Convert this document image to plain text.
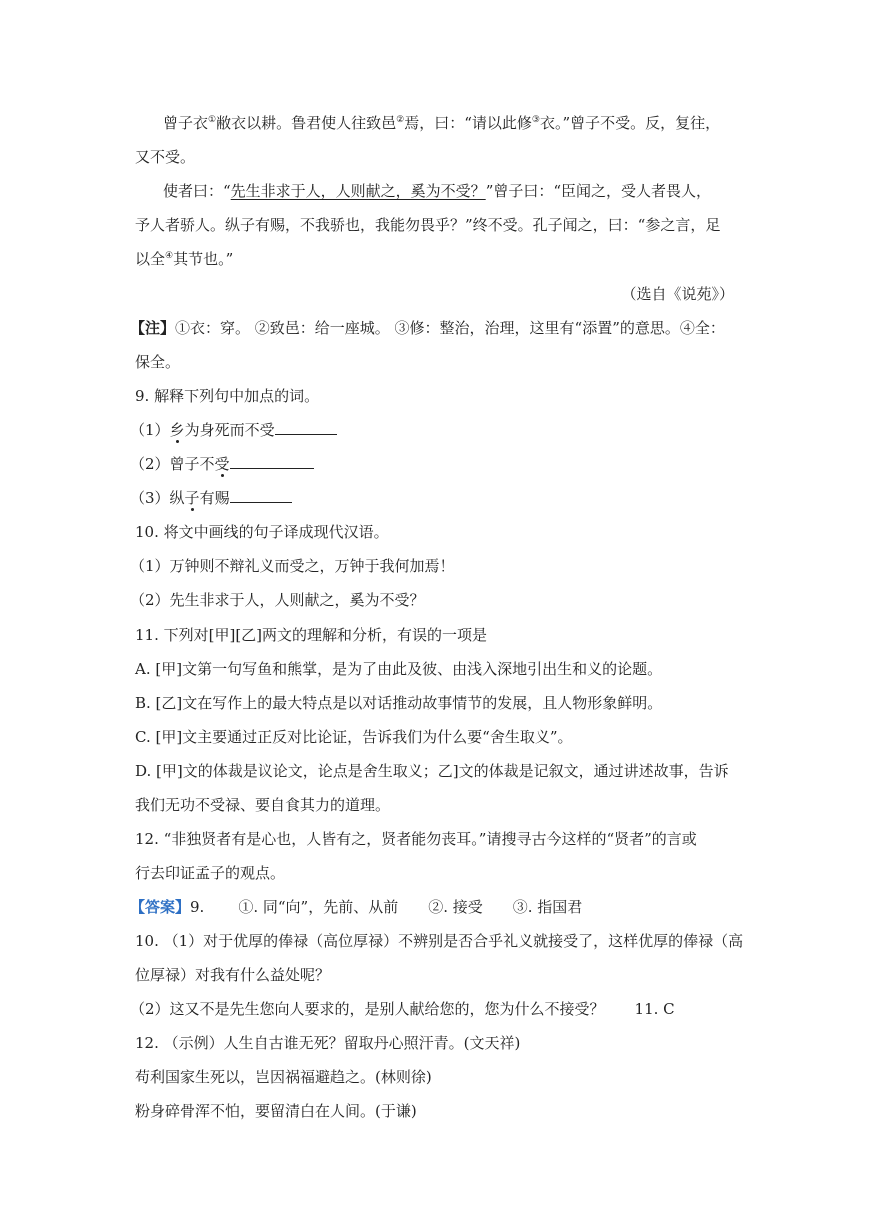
曾子衣①敝衣以耕。鲁君使人往致邑②焉，曰：“请以此修③衣。”曾子不受。反，复往，
又不受。
使者曰：“先生非求于人，人则献之，奚为不受？”曾子曰：“臣闻之，受人者畏人，
予人者骄人。纵子有赐，不我骄也，我能勿畏乎？”终不受。孔子闻之，曰：“参之言，足
以全④其节也。”
（选自《说苑》）
【注】①衣：穿。 ②致邑：给一座城。 ③修：整治，治理，这里有“添置”的意思。④全：
保全。
9. 解释下列句中加点的词。
（1）乡为身死而不受
（2）曾子不受
（3）纵子有赐
10. 将文中画线的句子译成现代汉语。
（1）万钟则不辩礼义而受之，万钟于我何加焉！
（2）先生非求于人，人则献之，奚为不受？
11. 下列对[甲][乙]两文的理解和分析，有误的一项是
A. [甲]文第一句写鱼和熊掌，是为了由此及彼、由浅入深地引出生和义的论题。
B. [乙]文在写作上的最大特点是以对话推动故事情节的发展，且人物形象鲜明。
C. [甲]文主要通过正反对比论证，告诉我们为什么要“舍生取义”。
D. [甲]文的体裁是议论文，论点是舍生取义；乙]文的体裁是记叙文，通过讲述故事，告诉
我们无功不受禄、要自食其力的道理。
12. “非独贤者有是心也，人皆有之，贤者能勿丧耳。”请搜寻古今这样的“贤者”的言或
行去印证孟子的观点。
【答案】9. ①. 同“向”，先前、从前 ②. 接受 ③. 指国君
10. （1）对于优厚的俸禄（高位厚禄）不辨别是否合乎礼义就接受了，这样优厚的俸禄（高
位厚禄）对我有什么益处呢？
（2）这又不是先生您向人要求的，是别人献给您的，您为什么不接受？ 11. C
12. （示例）人生自古谁无死？留取丹心照汗青。(文天祥)
苟利国家生死以，岂因祸福避趋之。(林则徐)
粉身碎骨浑不怕，要留清白在人间。(于谦)
